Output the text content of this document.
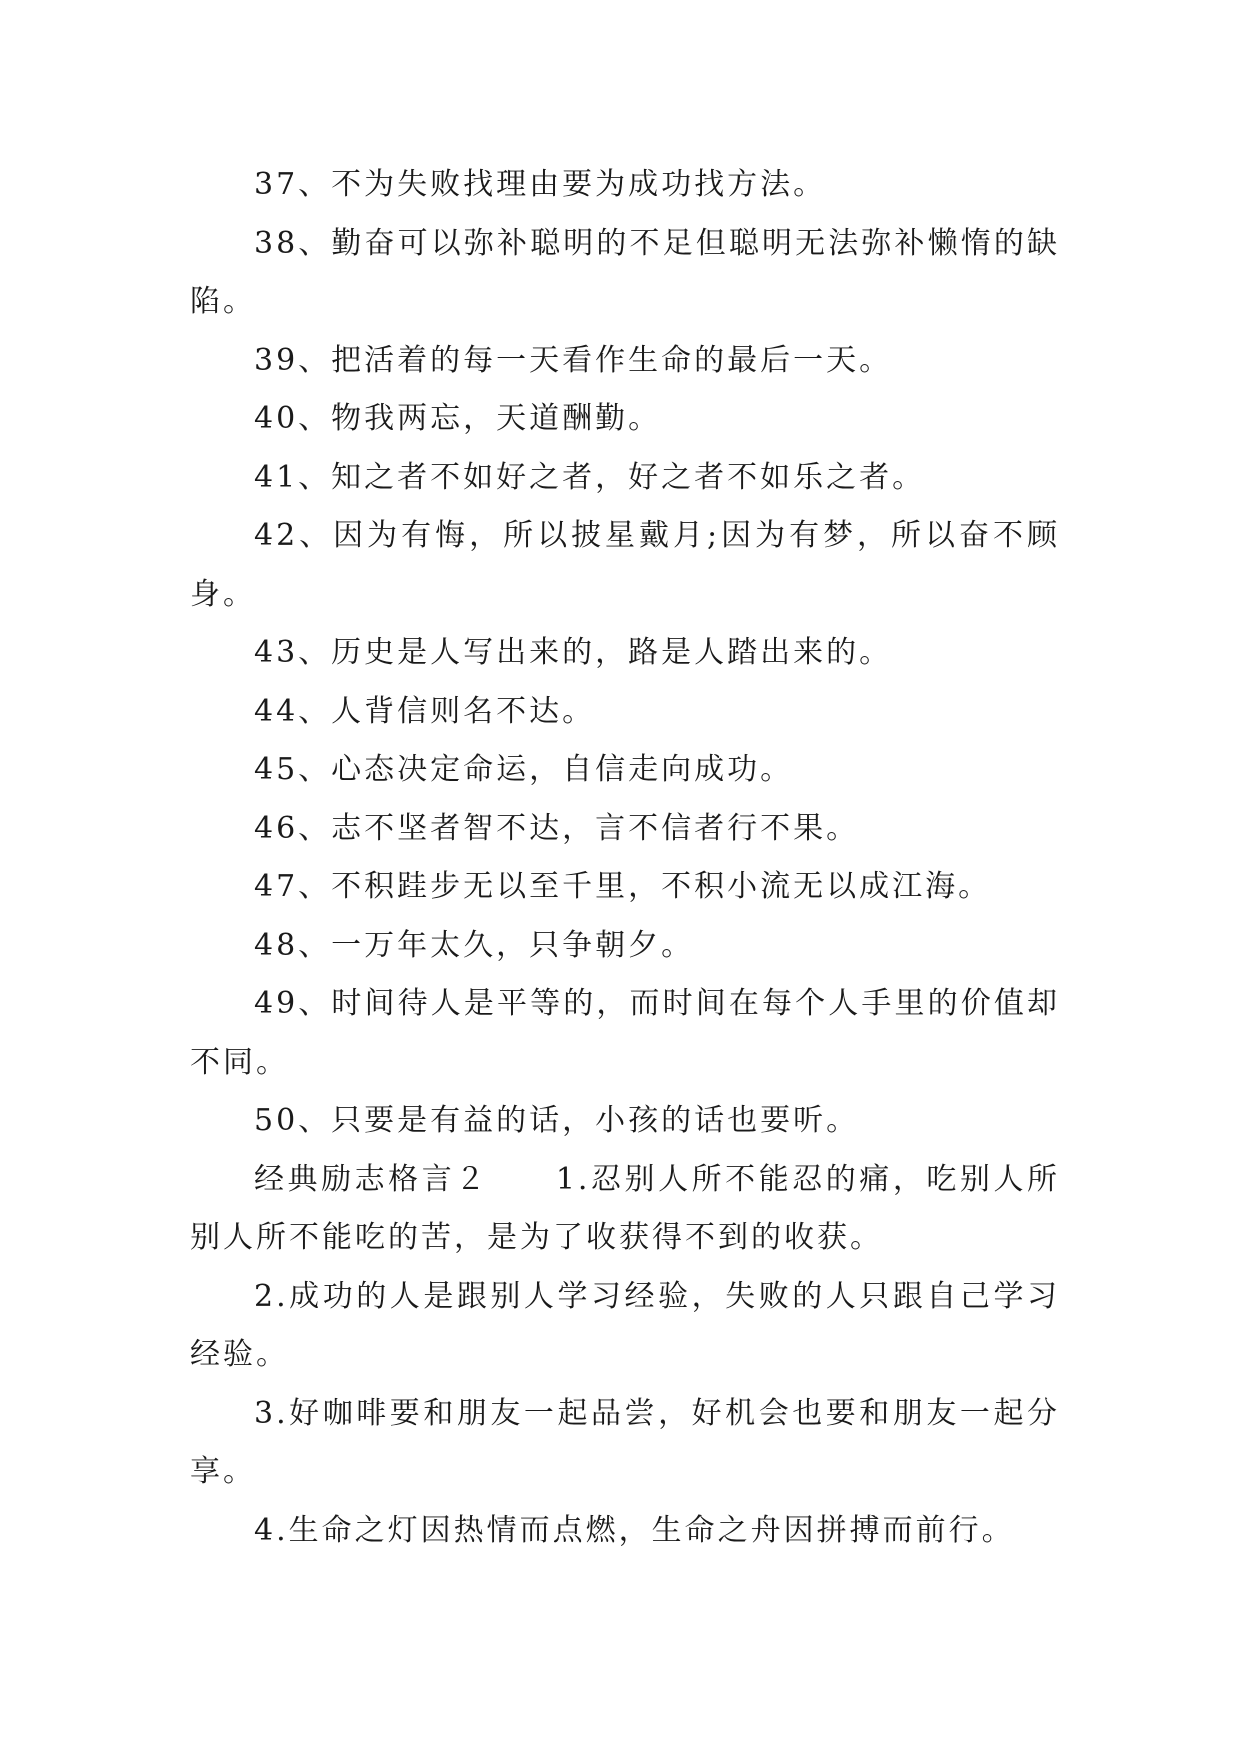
37、不为失败找理由要为成功找方法。

38、勤奋可以弥补聪明的不足但聪明无法弥补懒惰的缺陷。

39、把活着的每一天看作生命的最后一天。

40、物我两忘，天道酬勤。

41、知之者不如好之者，好之者不如乐之者。

42、因为有悔，所以披星戴月;因为有梦，所以奋不顾身。

43、历史是人写出来的，路是人踏出来的。

44、人背信则名不达。

45、心态决定命运，自信走向成功。

46、志不坚者智不达，言不信者行不果。

47、不积跬步无以至千里，不积小流无以成江海。

48、一万年太久，只争朝夕。

49、时间待人是平等的，而时间在每个人手里的价值却不同。

50、只要是有益的话，小孩的话也要听。

经典励志格言２　　1.忍别人所不能忍的痛，吃别人所别人所不能吃的苦，是为了收获得不到的收获。

2.成功的人是跟别人学习经验，失败的人只跟自己学习经验。

3.好咖啡要和朋友一起品尝，好机会也要和朋友一起分享。

4.生命之灯因热情而点燃，生命之舟因拼搏而前行。
